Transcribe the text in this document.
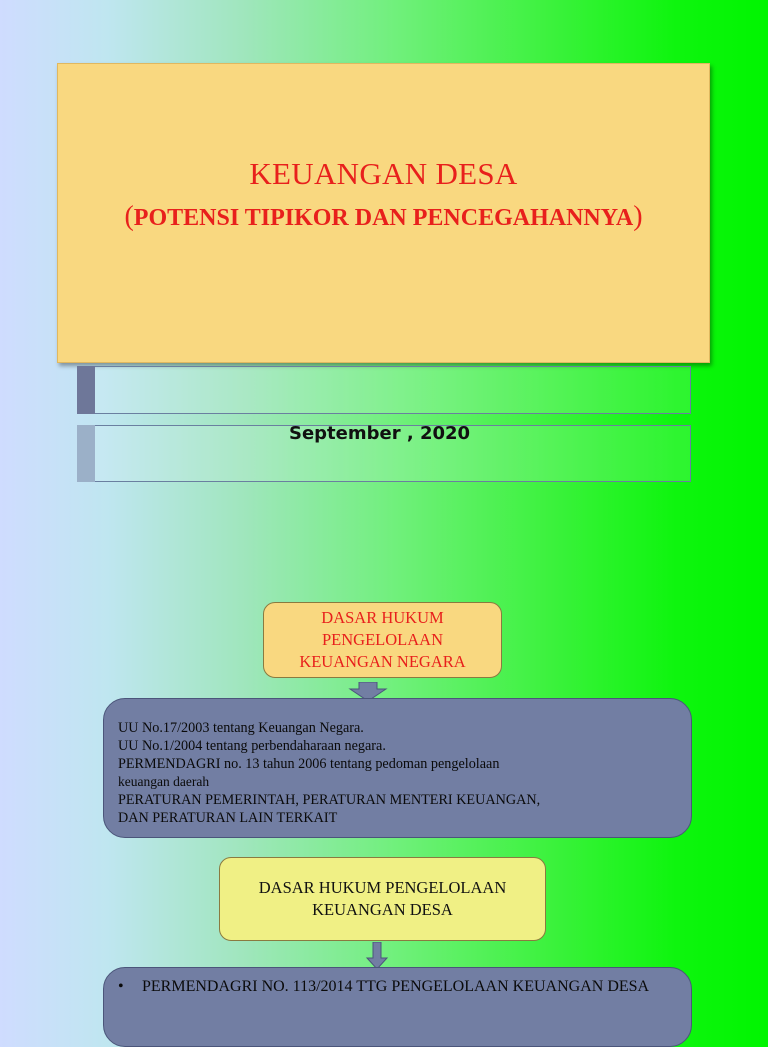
KEUANGAN DESA
(POTENSI TIPIKOR DAN PENCEGAHANNYA)
September , 2020
DASAR HUKUM
PENGELOLAAN
KEUANGAN NEGARA

UU No.17/2003 tentang Keuangan Negara.

UU No.1/2004 tentang perbendaharaan negara.

PERMENDAGRI no. 13 tahun 2006 tentang pedoman pengelolaan

keuangan daerah

PERATURAN PEMERINTAH, PERATURAN MENTERI KEUANGAN,

DAN PERATURAN LAIN TERKAIT

DASAR HUKUM PENGELOLAAN
KEUANGAN DESA
•	PERMENDAGRI NO. 113/2014 TTG PENGELOLAAN KEUANGAN DESA
